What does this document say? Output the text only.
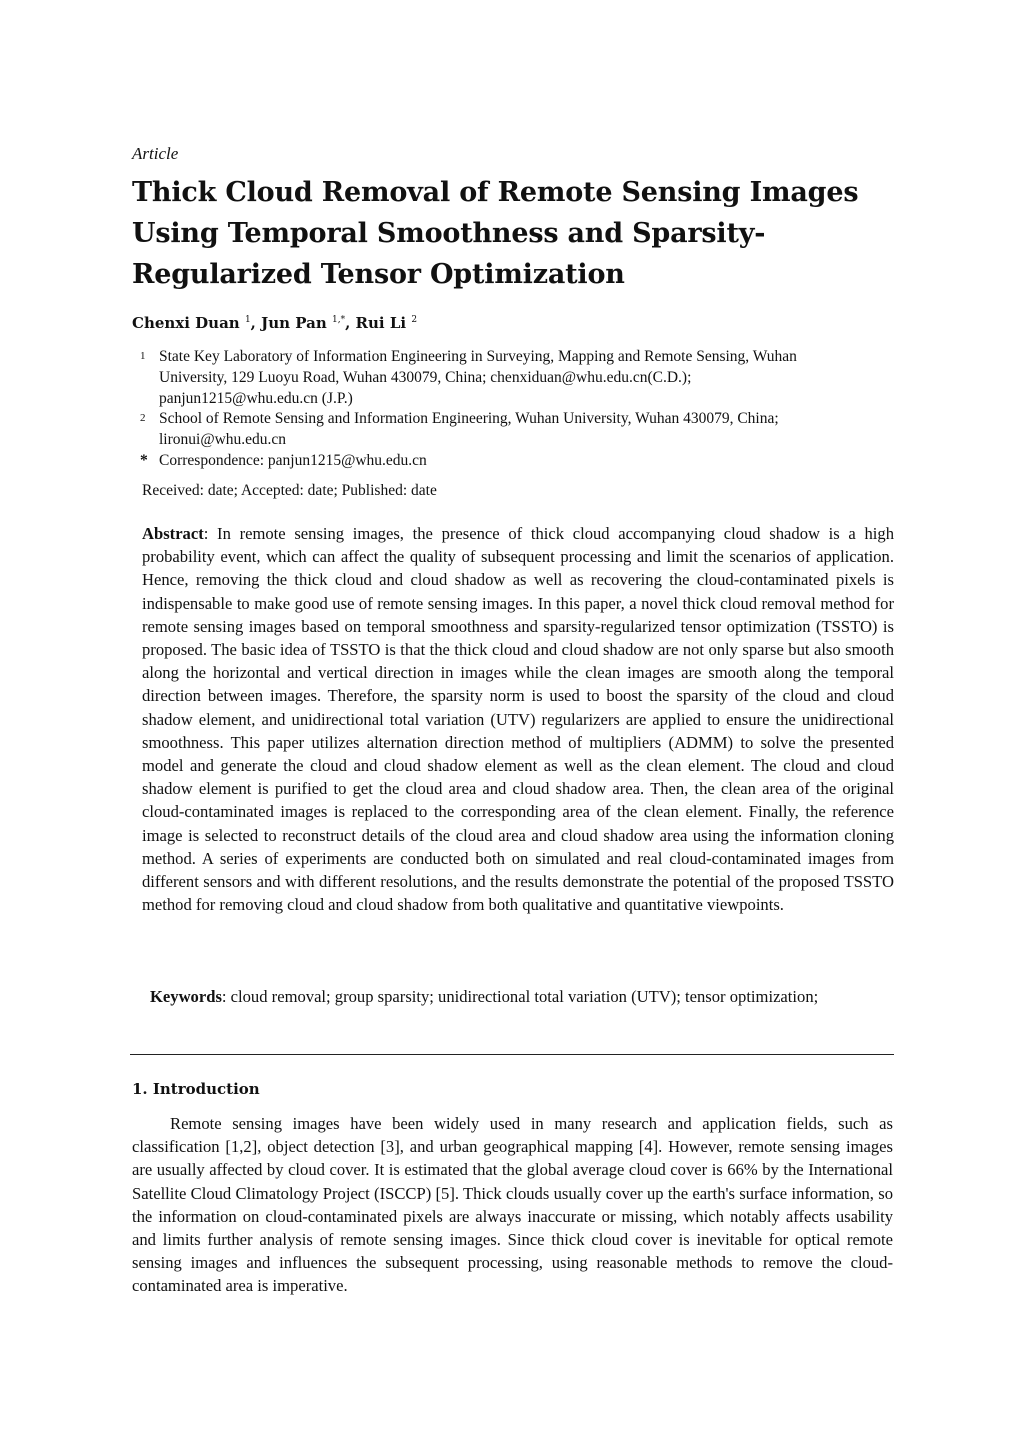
Article
Thick Cloud Removal of Remote Sensing Images
Using Temporal Smoothness and Sparsity-
Regularized Tensor Optimization
Chenxi Duan $^1$, Jun Pan $^{1,*}$, Rui Li $^2$
1 State Key Laboratory of Information Engineering in Surveying, Mapping and Remote Sensing, Wuhan
University, 129 Luoyu Road, Wuhan 430079, China; chenxiduan@whu.edu.cn(C.D.);
panjun1215@whu.edu.cn (J.P.)
2 School of Remote Sensing and Information Engineering, Wuhan University, Wuhan 430079, China;
lironui@whu.edu.cn
* Correspondence: panjun1215@whu.edu.cn
Received: date; Accepted: date; Published: date
Abstract: In remote sensing images, the presence of thick cloud accompanying cloud shadow is a high probability event, which can affect the quality of subsequent processing and limit the scenarios of application. Hence, removing the thick cloud and cloud shadow as well as recovering the cloud-contaminated pixels is indispensable to make good use of remote sensing images. In this paper, a novel thick cloud removal method for remote sensing images based on temporal smoothness and sparsity-regularized tensor optimization (TSSTO) is proposed. The basic idea of TSSTO is that the thick cloud and cloud shadow are not only sparse but also smooth along the horizontal and vertical direction in images while the clean images are smooth along the temporal direction between images. Therefore, the sparsity norm is used to boost the sparsity of the cloud and cloud shadow element, and unidirectional total variation (UTV) regularizers are applied to ensure the unidirectional smoothness. This paper utilizes alternation direction method of multipliers (ADMM) to solve the presented model and generate the cloud and cloud shadow element as well as the clean element. The cloud and cloud shadow element is purified to get the cloud area and cloud shadow area. Then, the clean area of the original cloud-contaminated images is replaced to the corresponding area of the clean element. Finally, the reference image is selected to reconstruct details of the cloud area and cloud shadow area using the information cloning method. A series of experiments are conducted both on simulated and real cloud-contaminated images from different sensors and with different resolutions, and the results demonstrate the potential of the proposed TSSTO method for removing cloud and cloud shadow from both qualitative and quantitative viewpoints.
Keywords: cloud removal; group sparsity; unidirectional total variation (UTV); tensor optimization;
1. Introduction
Remote sensing images have been widely used in many research and application fields, such as classification [1,2], object detection [3], and urban geographical mapping [4]. However, remote sensing images are usually affected by cloud cover. It is estimated that the global average cloud cover is 66% by the International Satellite Cloud Climatology Project (ISCCP) [5]. Thick clouds usually cover up the earth's surface information, so the information on cloud-contaminated pixels are always inaccurate or missing, which notably affects usability and limits further analysis of remote sensing images. Since thick cloud cover is inevitable for optical remote sensing images and influences the subsequent processing, using reasonable methods to remove the cloud-contaminated area is imperative.
